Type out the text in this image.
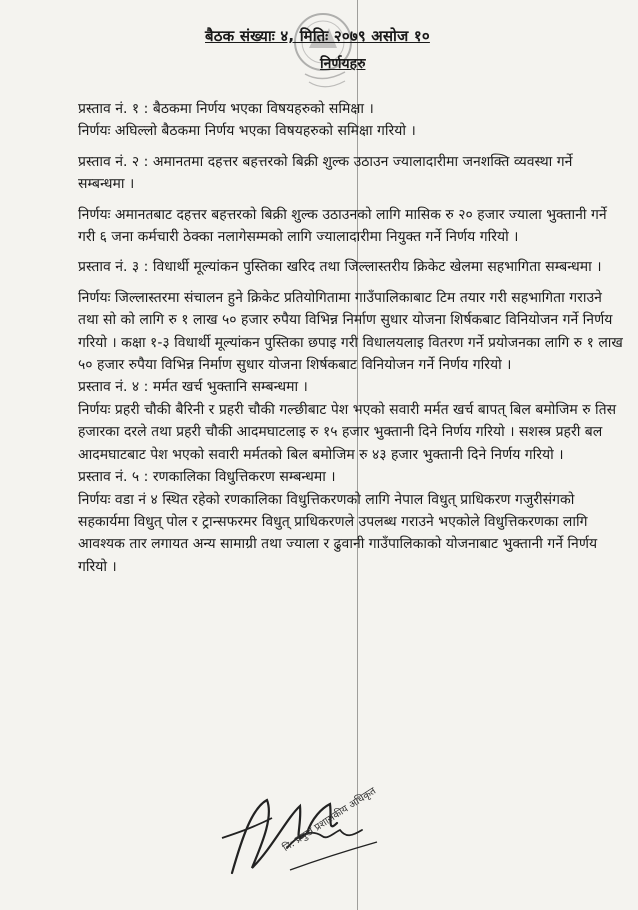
बैठक संख्याः ४, मितिः २०७९ असोज १०
निर्णयहरु

प्रस्ताव नं. १ : बैठकमा निर्णय भएका विषयहरुको समिक्षा ।

निर्णयः अघिल्लो बैठकमा निर्णय भएका विषयहरुको समिक्षा गरियो ।

प्रस्ताव नं. २ : अमानतमा दहत्तर बहत्तरको बिक्री शुल्क उठाउन ज्यालादारीमा जनशक्ति व्यवस्था गर्ने सम्बन्धमा ।

निर्णयः अमानतबाट दहत्तर बहत्तरको बिक्री शुल्क उठाउनको लागि मासिक रु २० हजार ज्याला भुक्तानी गर्ने गरी ६ जना कर्मचारी ठेक्का नलागेसम्मको लागि ज्यालादारीमा नियुक्त गर्ने निर्णय गरियो ।

प्रस्ताव नं. ३ : विधार्थी मूल्यांकन पुस्तिका खरिद तथा जिल्लास्तरीय क्रिकेट खेलमा सहभागिता सम्बन्धमा ।

निर्णयः जिल्लास्तरमा संचालन हुने क्रिकेट प्रतियोगितामा गाउँपालिकाबाट टिम तयार गरी सहभागिता गराउने तथा सो को लागि रु १ लाख ५० हजार रुपैया विभिन्न निर्माण सुधार योजना शिर्षकबाट विनियोजन गर्ने निर्णय गरियो । कक्षा १-३ विधार्थी मूल्यांकन पुस्तिका छपाइ गरी विधालयलाइ वितरण गर्ने प्रयोजनका लागि रु १ लाख ५० हजार रुपैया विभिन्न निर्माण सुधार योजना शिर्षकबाट विनियोजन गर्ने निर्णय गरियो ।

प्रस्ताव नं. ४ : मर्मत खर्च भुक्तानि सम्बन्धमा ।

निर्णयः प्रहरी चौकी बैरिनी र प्रहरी चौकी गल्छीबाट पेश भएको सवारी मर्मत खर्च बापत् बिल बमोजिम रु तिस हजारका दरले तथा प्रहरी चौकी आदमघाटलाइ रु १५ हजार भुक्तानी दिने निर्णय गरियो । सशस्त्र प्रहरी बल आदमघाटबाट पेश भएको सवारी मर्मतको बिल बमोजिम रु ४३ हजार भुक्तानी दिने निर्णय गरियो ।

प्रस्ताव नं. ५ : रणकालिका विधुत्तिकरण सम्बन्धमा ।

निर्णयः वडा नं ४ स्थित रहेको रणकालिका विधुत्तिकरणको लागि नेपाल विधुत् प्राधिकरण गजुरीसंगको सहकार्यमा विधुत् पोल र ट्रान्सफरमर विधुत् प्राधिकरणले उपलब्ध गराउने भएकोले विधुत्तिकरणका लागि आवश्यक तार लगायत अन्य सामाग्री तथा ज्याला र ढुवानी गाउँपालिकाको योजनाबाट भुक्तानी गर्ने निर्णय गरियो ।

नि: प्रमुख प्रशासकीय अधिकृत
